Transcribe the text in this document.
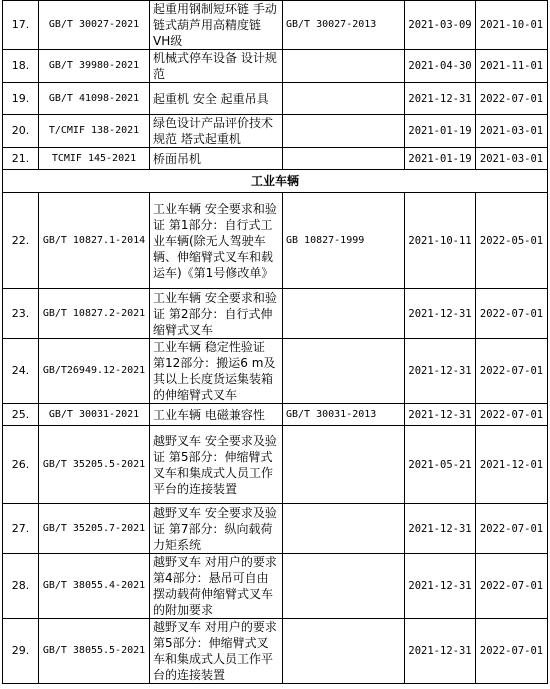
17.	GB/T 30027-2021	起重用钢制短环链 手动链式葫芦用高精度链 VH级	GB/T 30027-2013	2021-03-09	2021-10-01
18.	GB/T 39980-2021	机械式停车设备 设计规范		2021-04-30	2021-11-01
19.	GB/T 41098-2021	起重机 安全 起重吊具		2021-12-31	2022-07-01
20.	T/CMIF 138-2021	绿色设计产品评价技术规范 塔式起重机		2021-01-19	2021-03-01
21.	TCMIF 145-2021	桥面吊机		2021-01-19	2021-03-01
工业车辆					
22.	GB/T 10827.1-2014	工业车辆 安全要求和验证 第1部分：自行式工业车辆(除无人驾驶车辆、伸缩臂式叉车和载运车)《第1号修改单》	GB 10827-1999	2021-10-11	2022-05-01
23.	GB/T 10827.2-2021	工业车辆 安全要求和验证 第2部分：自行式伸缩臂式叉车		2021-12-31	2022-07-01
24.	GB/T26949.12-2021	工业车辆 稳定性验证 第12部分：搬运6 m及其以上长度货运集装箱的伸缩臂式叉车		2021-12-31	2022-07-01
25.	GB/T 30031-2021	工业车辆 电磁兼容性	GB/T 30031-2013	2021-12-31	2022-07-01
26.	GB/T 35205.5-2021	越野叉车 安全要求及验证 第5部分：伸缩臂式叉车和集成式人员工作平台的连接装置		2021-05-21	2021-12-01
27.	GB/T 35205.7-2021	越野叉车 安全要求及验证 第7部分：纵向载荷力矩系统		2021-12-31	2022-07-01
28.	GB/T 38055.4-2021	越野叉车 对用户的要求 第4部分：悬吊可自由摆动载荷伸缩臂式叉车的附加要求		2021-12-31	2022-07-01
29.	GB/T 38055.5-2021	越野叉车 对用户的要求 第5部分：伸缩臂式叉车和集成式人员工作平台的连接装置		2021-12-31	2022-07-01
